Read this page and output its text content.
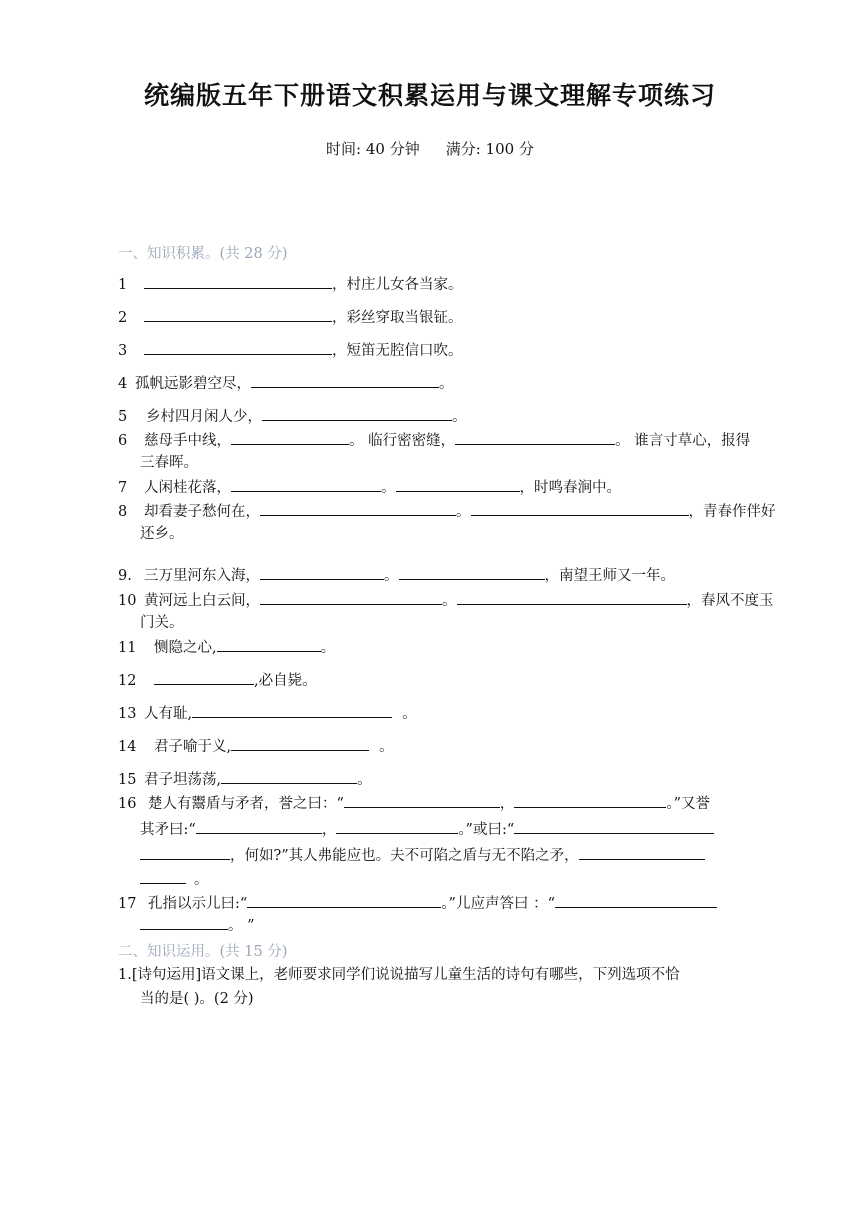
统编版五年下册语文积累运用与课文理解专项练习
时间: 40 分钟 满分: 100 分
一、知识积累。(共 28 分)
1	，村庄儿女各当家。
2	，彩丝穿取当银钲。
3	，短笛无腔信口吹。
4 孤帆远影碧空尽，	。
5 乡村四月闲人少，	。
6 慈母手中线，	。 临行密密缝，	。 谁言寸草心，报得
三春晖。
7 人闲桂花落，	。	，时鸣春涧中。
8 却看妻子愁何在，	。	，青春作伴好
还乡。
9. 三万里河东入海，	。	，南望王师又一年。
10 黄河远上白云间，	。	，春风不度玉
门关。
11 恻隐之心,	。
12	,必自毙。
13 人有耻,	。
14 君子喻于义,	。
15 君子坦荡荡,	。
16 楚人有鬻盾与矛者，誉之曰：“	，	。”又誉
其矛曰:“	，	。”或曰:“
，何如?”其人弗能应也。夫不可陷之盾与无不陷之矛，
。
17 孔指以示儿曰:“	。”儿应声答曰 ：“
。 ”
二、知识运用。(共 15 分)
1.[诗句运用]语文课上，老师要求同学们说说描写儿童生活的诗句有哪些，下列选项不恰
当的是( )。(2 分)
